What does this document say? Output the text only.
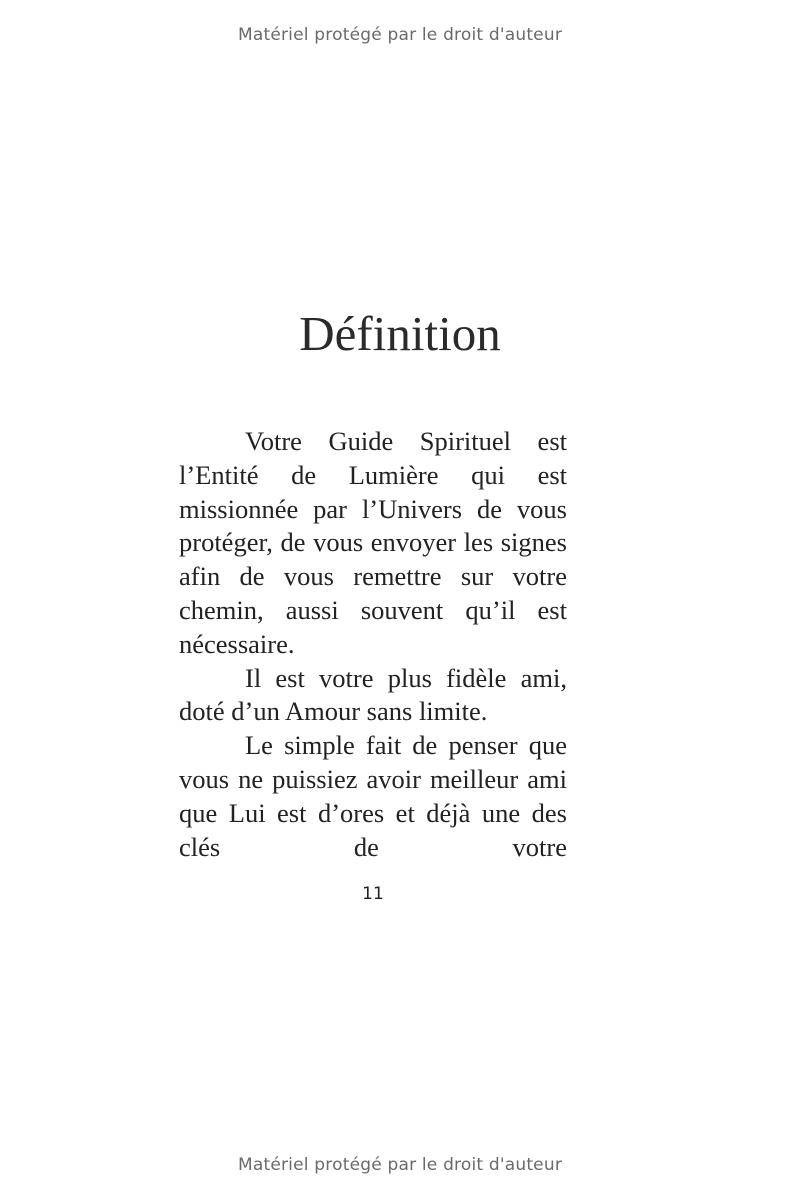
Matériel protégé par le droit d'auteur
Définition

Votre Guide Spirituel est l’Entité de Lumière qui est missionnée par l’Univers de vous protéger, de vous envoyer les signes afin de vous remettre sur votre chemin, aussi souvent qu’il est nécessaire.

Il est votre plus fidèle ami, doté d’un Amour sans limite.

Le simple fait de penser que vous ne puissiez avoir meilleur ami que Lui est d’ores et déjà une des clés de votre

11
Matériel protégé par le droit d'auteur
